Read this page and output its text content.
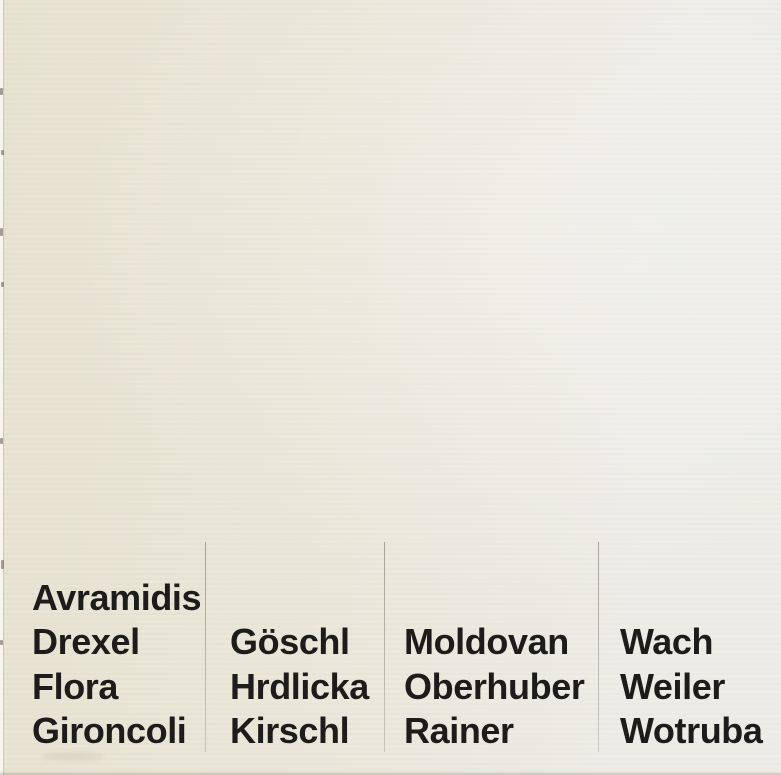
Avramidis
Drexel
Flora
Gironcoli
Göschl
Hrdlicka
Kirschl
Moldovan
Oberhuber
Rainer
Wach
Weiler
Wotruba
